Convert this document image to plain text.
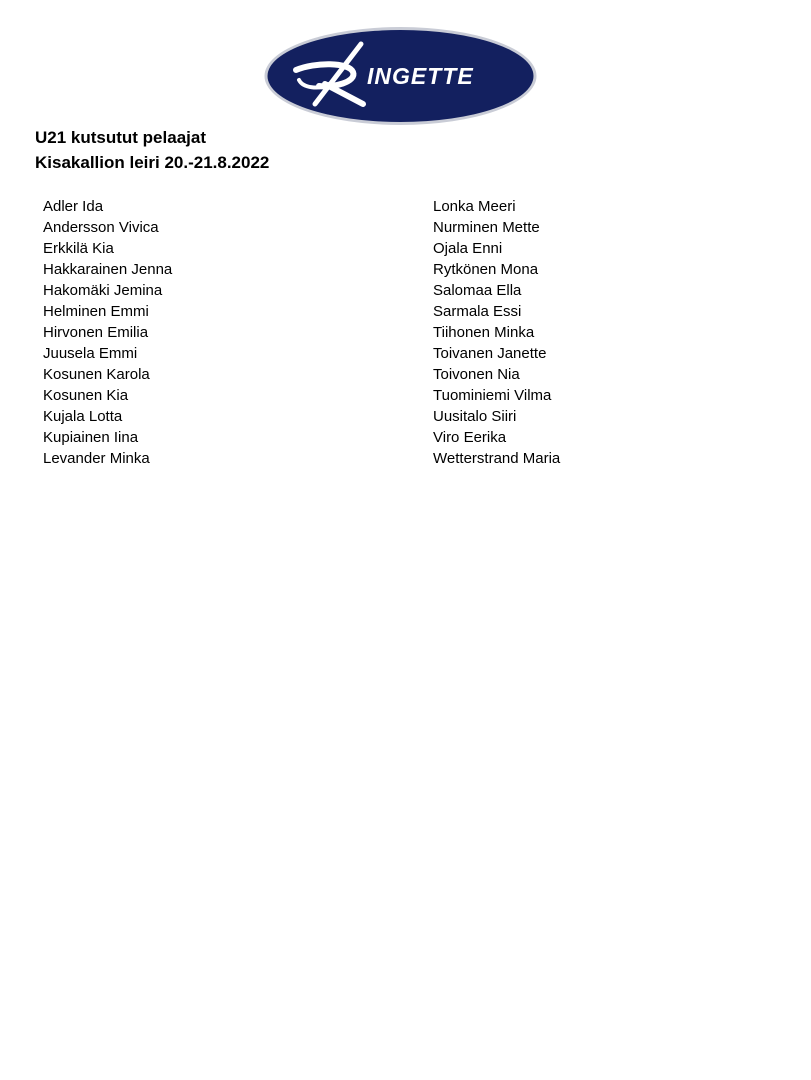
INGETTE
U21 kutsutut pelaajat
Kisakallion leiri 20.-21.8.2022
Adler Ida
Andersson Vivica
Erkkilä Kia
Hakkarainen Jenna
Hakomäki Jemina
Helminen Emmi
Hirvonen Emilia
Juusela Emmi
Kosunen Karola
Kosunen Kia
Kujala Lotta
Kupiainen Iina
Levander Minka
Lonka Meeri
Nurminen Mette
Ojala Enni
Rytkönen Mona
Salomaa Ella
Sarmala Essi
Tiihonen Minka
Toivanen Janette
Toivonen Nia
Tuominiemi Vilma
Uusitalo Siiri
Viro Eerika
Wetterstrand Maria
